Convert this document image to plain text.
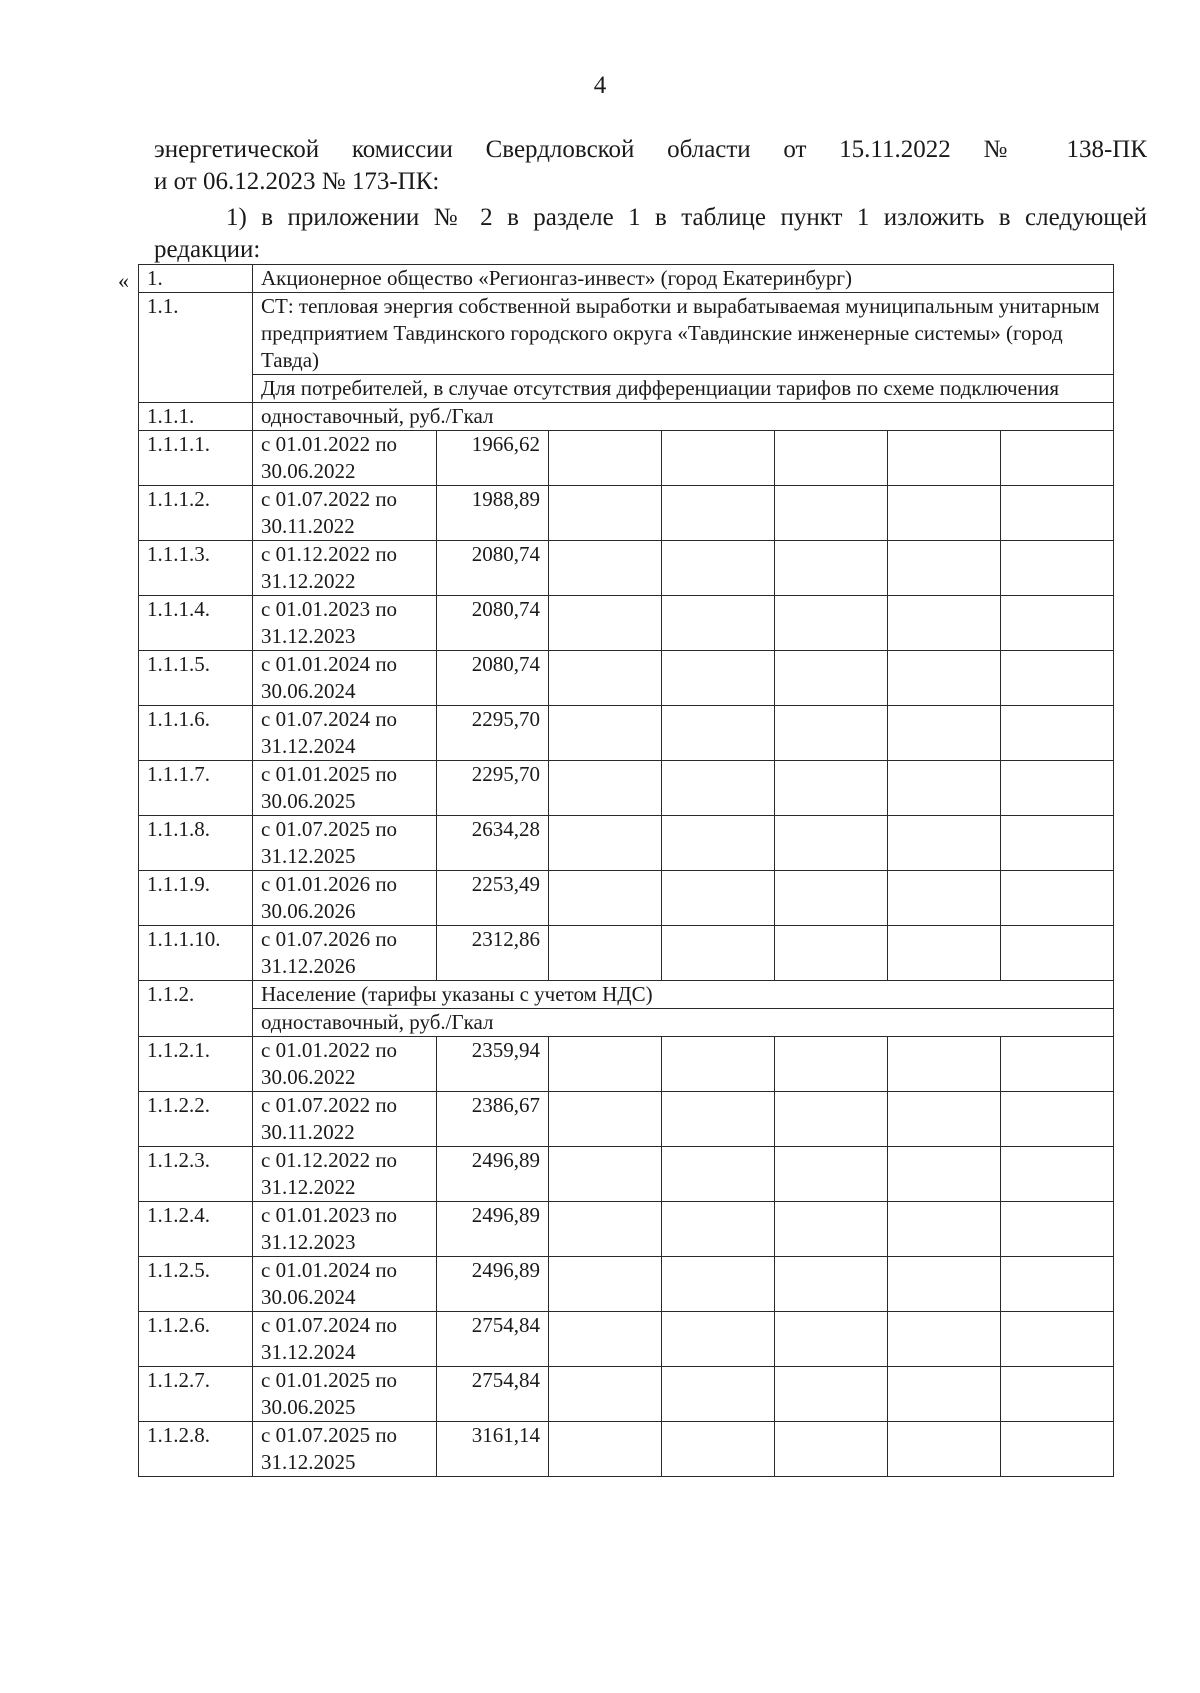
4
энергетической комиссии Свердловской области от 15.11.2022 № 138-ПК
и от 06.12.2023 № 173-ПК:
1) в приложении № 2 в разделе 1 в таблице пункт 1 изложить в следующей
редакции:
« 1.	Акционерное общество «Регионгаз-инвест» (город Екатеринбург)						
1.1.	СТ: тепловая энергия собственной выработки и вырабатываемая муниципальным унитарным предприятием Тавдинского городского округа «Тавдинские инженерные системы» (город Тавда)						
	Для потребителей, в случае отсутствия дифференциации тарифов по схеме подключения						
1.1.1.	одноставочный, руб./Гкал						
1.1.1.1.	с 01.01.2022 по 30.06.2022	1966,62					
1.1.1.2.	с 01.07.2022 по 30.11.2022	1988,89					
1.1.1.3.	с 01.12.2022 по 31.12.2022	2080,74					
1.1.1.4.	с 01.01.2023 по 31.12.2023	2080,74					
1.1.1.5.	с 01.01.2024 по 30.06.2024	2080,74					
1.1.1.6.	с 01.07.2024 по 31.12.2024	2295,70					
1.1.1.7.	с 01.01.2025 по 30.06.2025	2295,70					
1.1.1.8.	с 01.07.2025 по 31.12.2025	2634,28					
1.1.1.9.	с 01.01.2026 по 30.06.2026	2253,49					
1.1.1.10.	с 01.07.2026 по 31.12.2026	2312,86					
1.1.2.	Население (тарифы указаны с учетом НДС)						
	одноставочный, руб./Гкал						
1.1.2.1.	с 01.01.2022 по 30.06.2022	2359,94					
1.1.2.2.	с 01.07.2022 по 30.11.2022	2386,67					
1.1.2.3.	с 01.12.2022 по 31.12.2022	2496,89					
1.1.2.4.	с 01.01.2023 по 31.12.2023	2496,89					
1.1.2.5.	с 01.01.2024 по 30.06.2024	2496,89					
1.1.2.6.	с 01.07.2024 по 31.12.2024	2754,84					
1.1.2.7.	с 01.01.2025 по 30.06.2025	2754,84					
1.1.2.8.	с 01.07.2025 по 31.12.2025	3161,14					
